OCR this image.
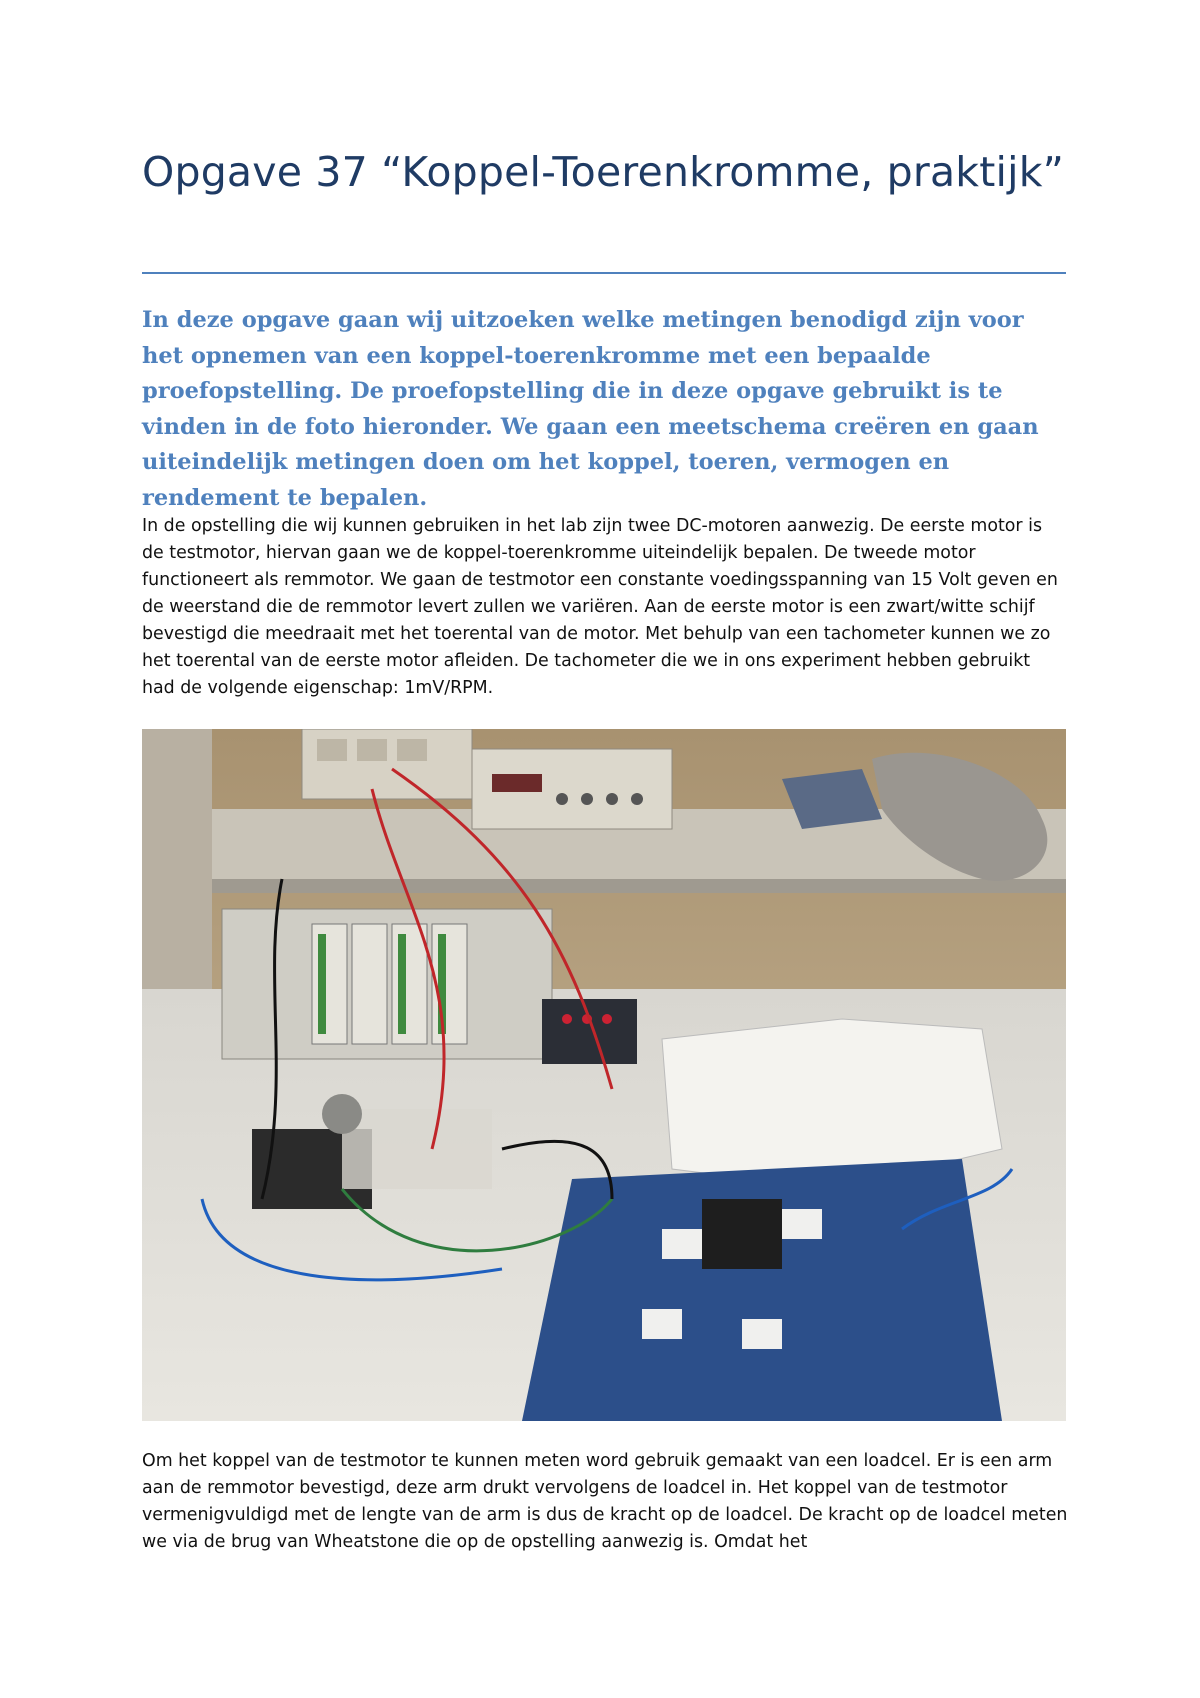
Opgave 37 “Koppel-Toerenkromme, praktijk”

In deze opgave gaan wij uitzoeken welke metingen benodigd zijn voor het opnemen van een koppel-toerenkromme met een bepaalde proefopstelling. De proefopstelling die in deze opgave gebruikt is te vinden in de foto hieronder. We gaan een meetschema creëren en gaan uiteindelijk metingen doen om het koppel, toeren, vermogen en rendement te bepalen.

In de opstelling die wij kunnen gebruiken in het lab zijn twee DC-motoren aanwezig. De eerste motor is de testmotor, hiervan gaan we de koppel-toerenkromme uiteindelijk bepalen. De tweede motor functioneert als remmotor. We gaan de testmotor een constante voedingsspanning van 15 Volt geven en de weerstand die de remmotor levert zullen we variëren. Aan de eerste motor is een zwart/witte schijf bevestigd die meedraait met het toerental van de motor. Met behulp van een tachometer kunnen we zo het toerental van de eerste motor afleiden. De tachometer die we in ons experiment hebben gebruikt had de volgende eigenschap: 1mV/RPM.

Om het koppel van de testmotor te kunnen meten word gebruik gemaakt van een loadcel. Er is een arm aan de remmotor bevestigd, deze arm drukt vervolgens de loadcel in. Het koppel van de testmotor vermenigvuldigd met de lengte van de arm is dus de kracht op de loadcel. De kracht op de loadcel meten we via de brug van Wheatstone die op de opstelling aanwezig is. Omdat het
